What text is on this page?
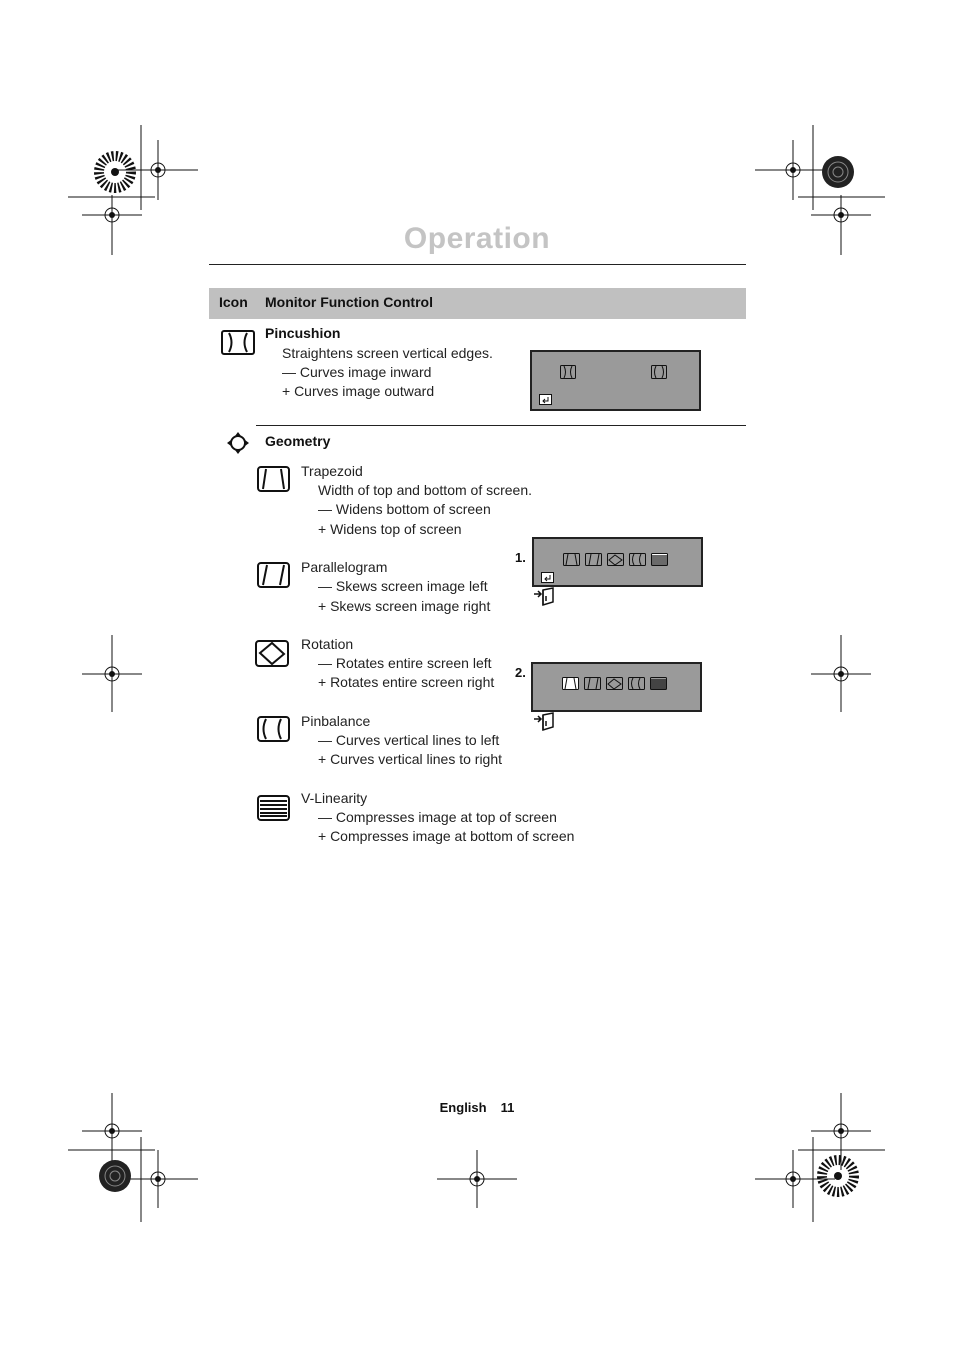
Operation
Icon Monitor Function Control
Pincushion
Straightens screen vertical edges.
— Curves image inward
+ Curves image outward
Geometry
Trapezoid
Width of top and bottom of screen.
— Widens bottom of screen
+ Widens top of screen
Parallelogram
— Skews screen image left
+ Skews screen image right
Rotation
— Rotates entire screen left
+ Rotates entire screen right
Pinbalance
— Curves vertical lines to left
+ Curves vertical lines to right
V-Linearity
— Compresses image at top of screen
+ Compresses image at bottom of screen
1.
2.
English 11
